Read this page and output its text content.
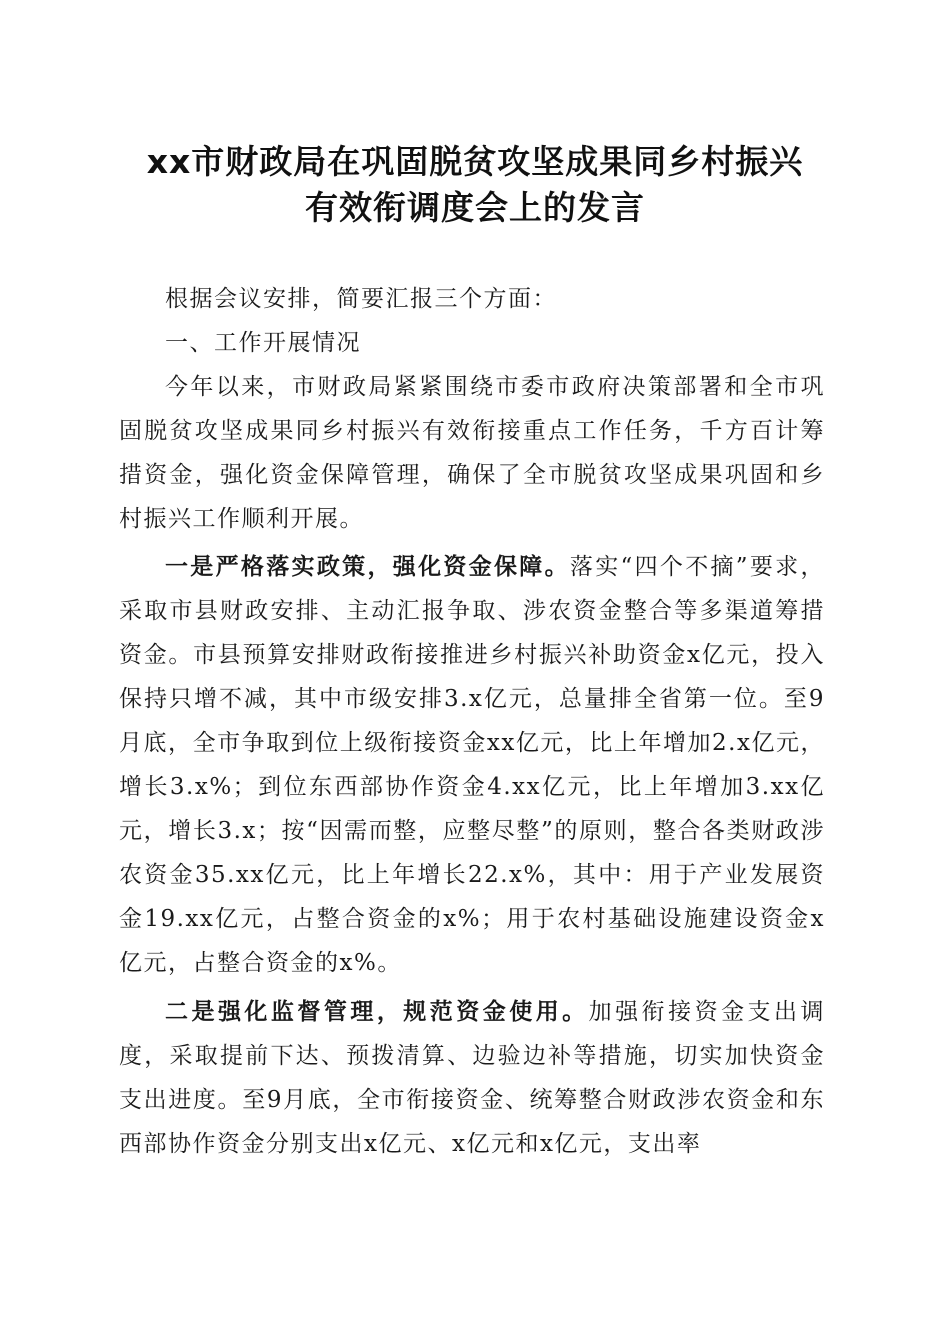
xx市财政局在巩固脱贫攻坚成果同乡村振兴
有效衔调度会上的发言
根据会议安排，简要汇报三个方面：
一、工作开展情况
今年以来，市财政局紧紧围绕市委市政府决策部署和全市巩固脱贫攻坚成果同乡村振兴有效衔接重点工作任务，千方百计筹措资金，强化资金保障管理，确保了全市脱贫攻坚成果巩固和乡村振兴工作顺利开展。
一是严格落实政策，强化资金保障。落实“四个不摘”要求，采取市县财政安排、主动汇报争取、涉农资金整合等多渠道筹措资金。市县预算安排财政衔接推进乡村振兴补助资金x亿元，投入保持只增不减，其中市级安排3.x亿元，总量排全省第一位。至9月底，全市争取到位上级衔接资金xx亿元，比上年增加2.x亿元，增长3.x%；到位东西部协作资金4.xx亿元，比上年增加3.xx亿元，增长3.x；按“因需而整，应整尽整”的原则，整合各类财政涉农资金35.xx亿元，比上年增长22.x%，其中：用于产业发展资金19.xx亿元，占整合资金的x%；用于农村基础设施建设资金x亿元，占整合资金的x%。
二是强化监督管理，规范资金使用。加强衔接资金支出调度，采取提前下达、预拨清算、边验边补等措施，切实加快资金支出进度。至9月底，全市衔接资金、统筹整合财政涉农资金和东西部协作资金分别支出x亿元、x亿元和x亿元，支出率
